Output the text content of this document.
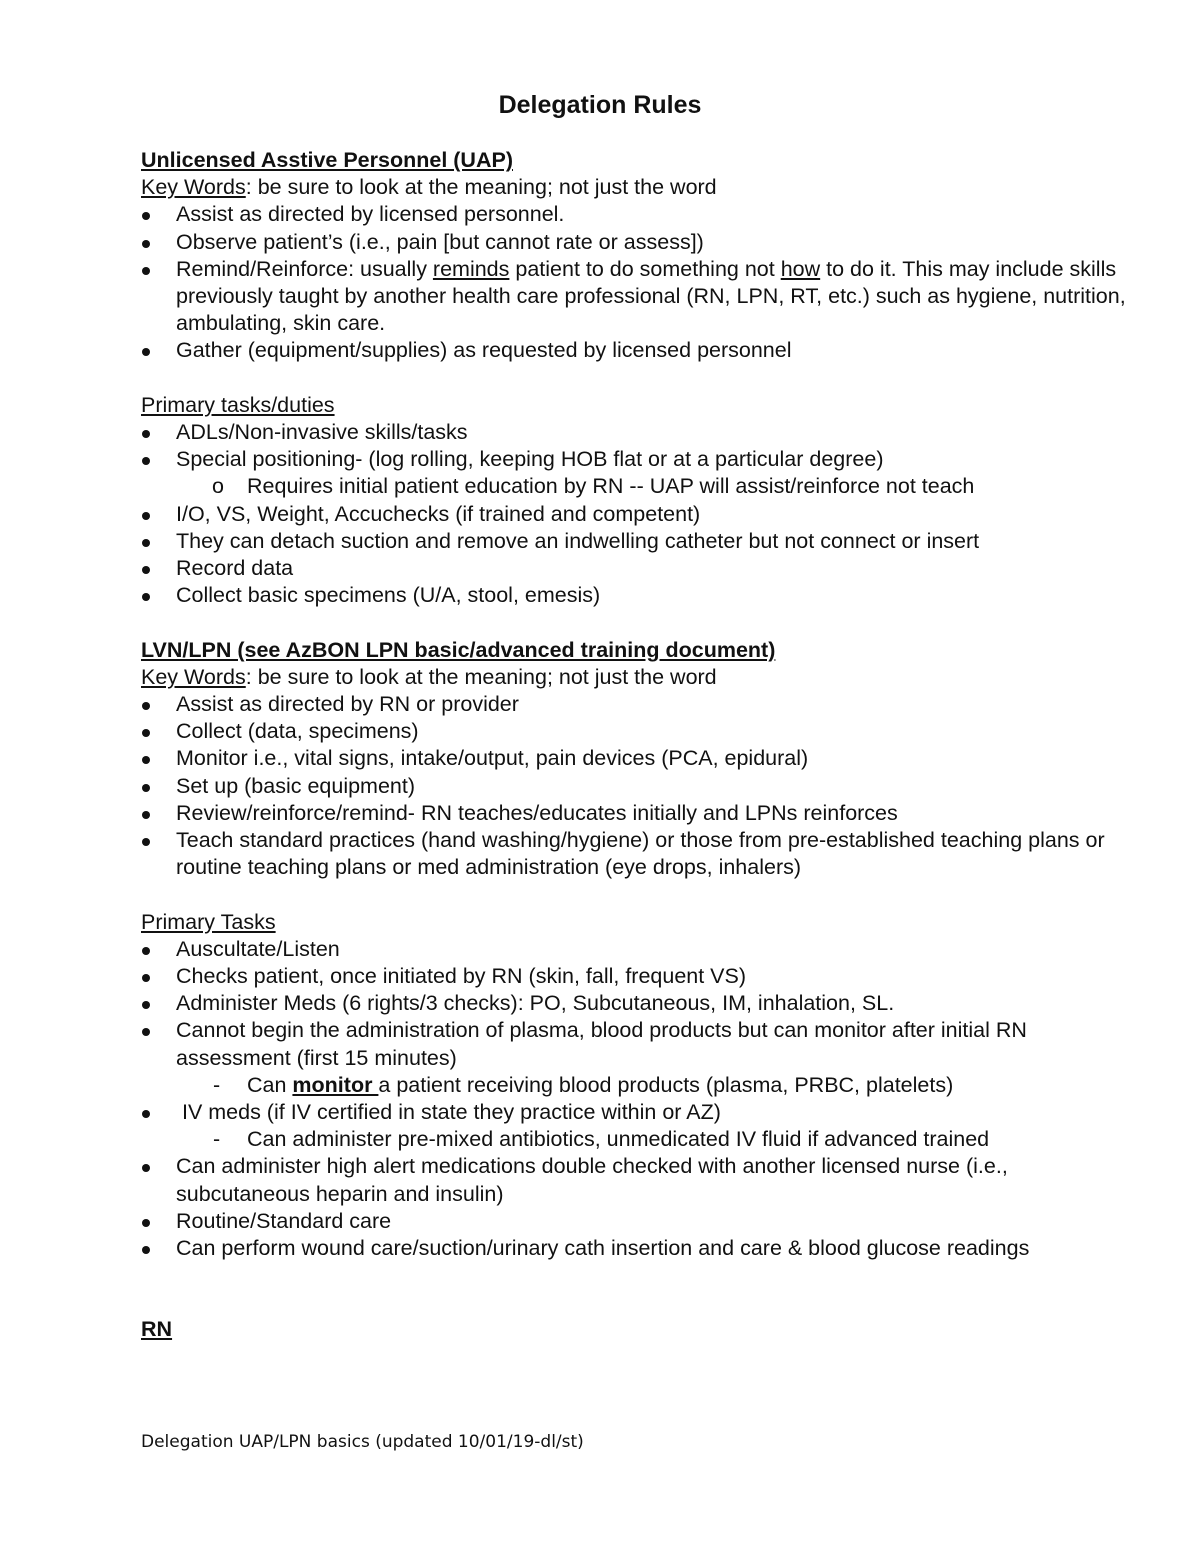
Delegation Rules
Unlicensed Asstive Personnel (UAP)
Key Words: be sure to look at the meaning; not just the word
Assist as directed by licensed personnel.
Observe patient’s (i.e., pain [but cannot rate or assess])
Remind/Reinforce: usually reminds patient to do something not how to do it. This may include skills previously taught by another health care professional (RN, LPN, RT, etc.) such as hygiene, nutrition, ambulating, skin care.
Gather (equipment/supplies) as requested by licensed personnel
Primary tasks/duties
ADLs/Non-invasive skills/tasks
Special positioning- (log rolling, keeping HOB flat or at a particular degree)
o Requires initial patient education by RN -- UAP will assist/reinforce not teach
I/O, VS, Weight, Accuchecks (if trained and competent)
They can detach suction and remove an indwelling catheter but not connect or insert
Record data
Collect basic specimens (U/A, stool, emesis)
LVN/LPN (see AzBON LPN basic/advanced training document)
Key Words: be sure to look at the meaning; not just the word
Assist as directed by RN or provider
Collect (data, specimens)
Monitor i.e., vital signs, intake/output, pain devices (PCA, epidural)
Set up (basic equipment)
Review/reinforce/remind- RN teaches/educates initially and LPNs reinforces
Teach standard practices (hand washing/hygiene) or those from pre-established teaching plans or routine teaching plans or med administration (eye drops, inhalers)
Primary Tasks
Auscultate/Listen
Checks patient, once initiated by RN (skin, fall, frequent VS)
Administer Meds (6 rights/3 checks): PO, Subcutaneous, IM, inhalation, SL.
Cannot begin the administration of plasma, blood products but can monitor after initial RN assessment (first 15 minutes)
- Can monitor a patient receiving blood products (plasma, PRBC, platelets)
IV meds (if IV certified in state they practice within or AZ)
- Can administer pre-mixed antibiotics, unmedicated IV fluid if advanced trained
Can administer high alert medications double checked with another licensed nurse (i.e., subcutaneous heparin and insulin)
Routine/Standard care
Can perform wound care/suction/urinary cath insertion and care & blood glucose readings
RN
Delegation UAP/LPN basics (updated 10/01/19-dl/st)
